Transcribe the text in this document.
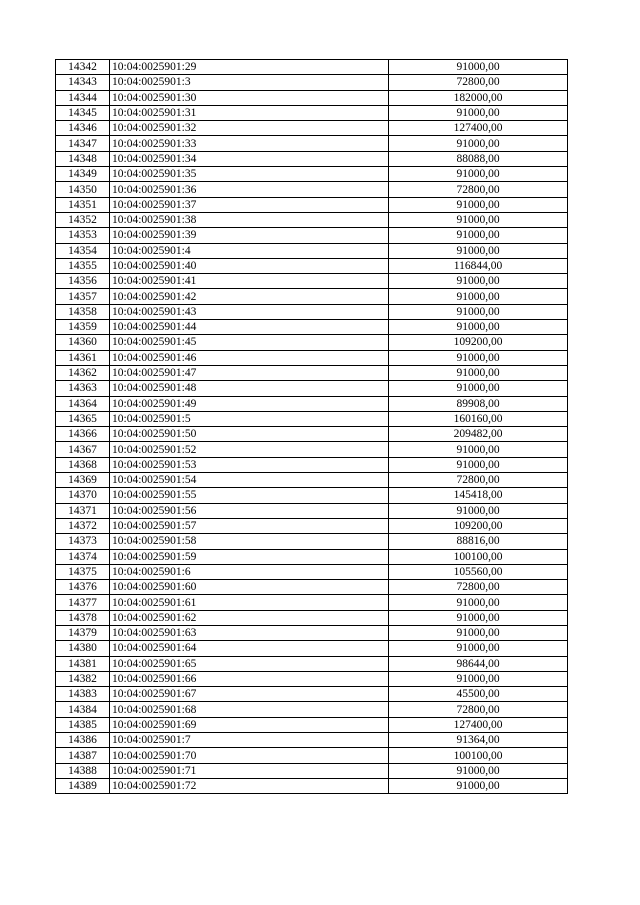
14342	10:04:0025901:29	91000,00
14343	10:04:0025901:3	72800,00
14344	10:04:0025901:30	182000,00
14345	10:04:0025901:31	91000,00
14346	10:04:0025901:32	127400,00
14347	10:04:0025901:33	91000,00
14348	10:04:0025901:34	88088,00
14349	10:04:0025901:35	91000,00
14350	10:04:0025901:36	72800,00
14351	10:04:0025901:37	91000,00
14352	10:04:0025901:38	91000,00
14353	10:04:0025901:39	91000,00
14354	10:04:0025901:4	91000,00
14355	10:04:0025901:40	116844,00
14356	10:04:0025901:41	91000,00
14357	10:04:0025901:42	91000,00
14358	10:04:0025901:43	91000,00
14359	10:04:0025901:44	91000,00
14360	10:04:0025901:45	109200,00
14361	10:04:0025901:46	91000,00
14362	10:04:0025901:47	91000,00
14363	10:04:0025901:48	91000,00
14364	10:04:0025901:49	89908,00
14365	10:04:0025901:5	160160,00
14366	10:04:0025901:50	209482,00
14367	10:04:0025901:52	91000,00
14368	10:04:0025901:53	91000,00
14369	10:04:0025901:54	72800,00
14370	10:04:0025901:55	145418,00
14371	10:04:0025901:56	91000,00
14372	10:04:0025901:57	109200,00
14373	10:04:0025901:58	88816,00
14374	10:04:0025901:59	100100,00
14375	10:04:0025901:6	105560,00
14376	10:04:0025901:60	72800,00
14377	10:04:0025901:61	91000,00
14378	10:04:0025901:62	91000,00
14379	10:04:0025901:63	91000,00
14380	10:04:0025901:64	91000,00
14381	10:04:0025901:65	98644,00
14382	10:04:0025901:66	91000,00
14383	10:04:0025901:67	45500,00
14384	10:04:0025901:68	72800,00
14385	10:04:0025901:69	127400,00
14386	10:04:0025901:7	91364,00
14387	10:04:0025901:70	100100,00
14388	10:04:0025901:71	91000,00
14389	10:04:0025901:72	91000,00
